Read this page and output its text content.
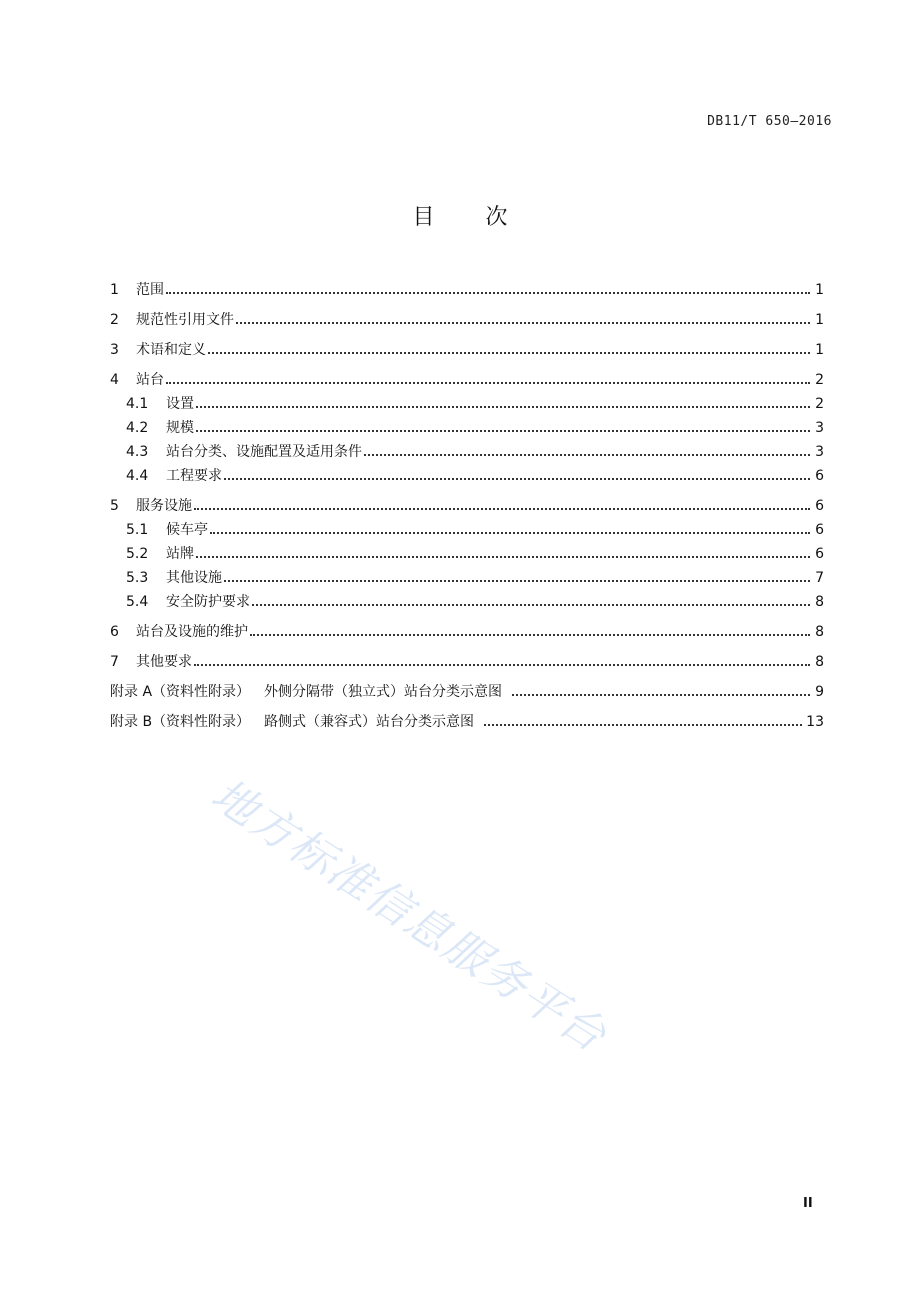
DB11/T 650—2016
目 次
1	范围	1
2	规范性引用文件	1
3	术语和定义	1
4	站台	2
4.1	设置	2
4.2	规模	3
4.3	站台分类、设施配置及适用条件	3
4.4	工程要求	6
5	服务设施	6
5.1	候车亭	6
5.2	站牌	6
5.3	其他设施	7
5.4	安全防护要求	8
6	站台及设施的维护	8
7	其他要求	8
附录 A（资料性附录） 外侧分隔带（独立式）站台分类示意图	9
附录 B（资料性附录） 路侧式（兼容式）站台分类示意图	13
地方标准信息服务平台
II
